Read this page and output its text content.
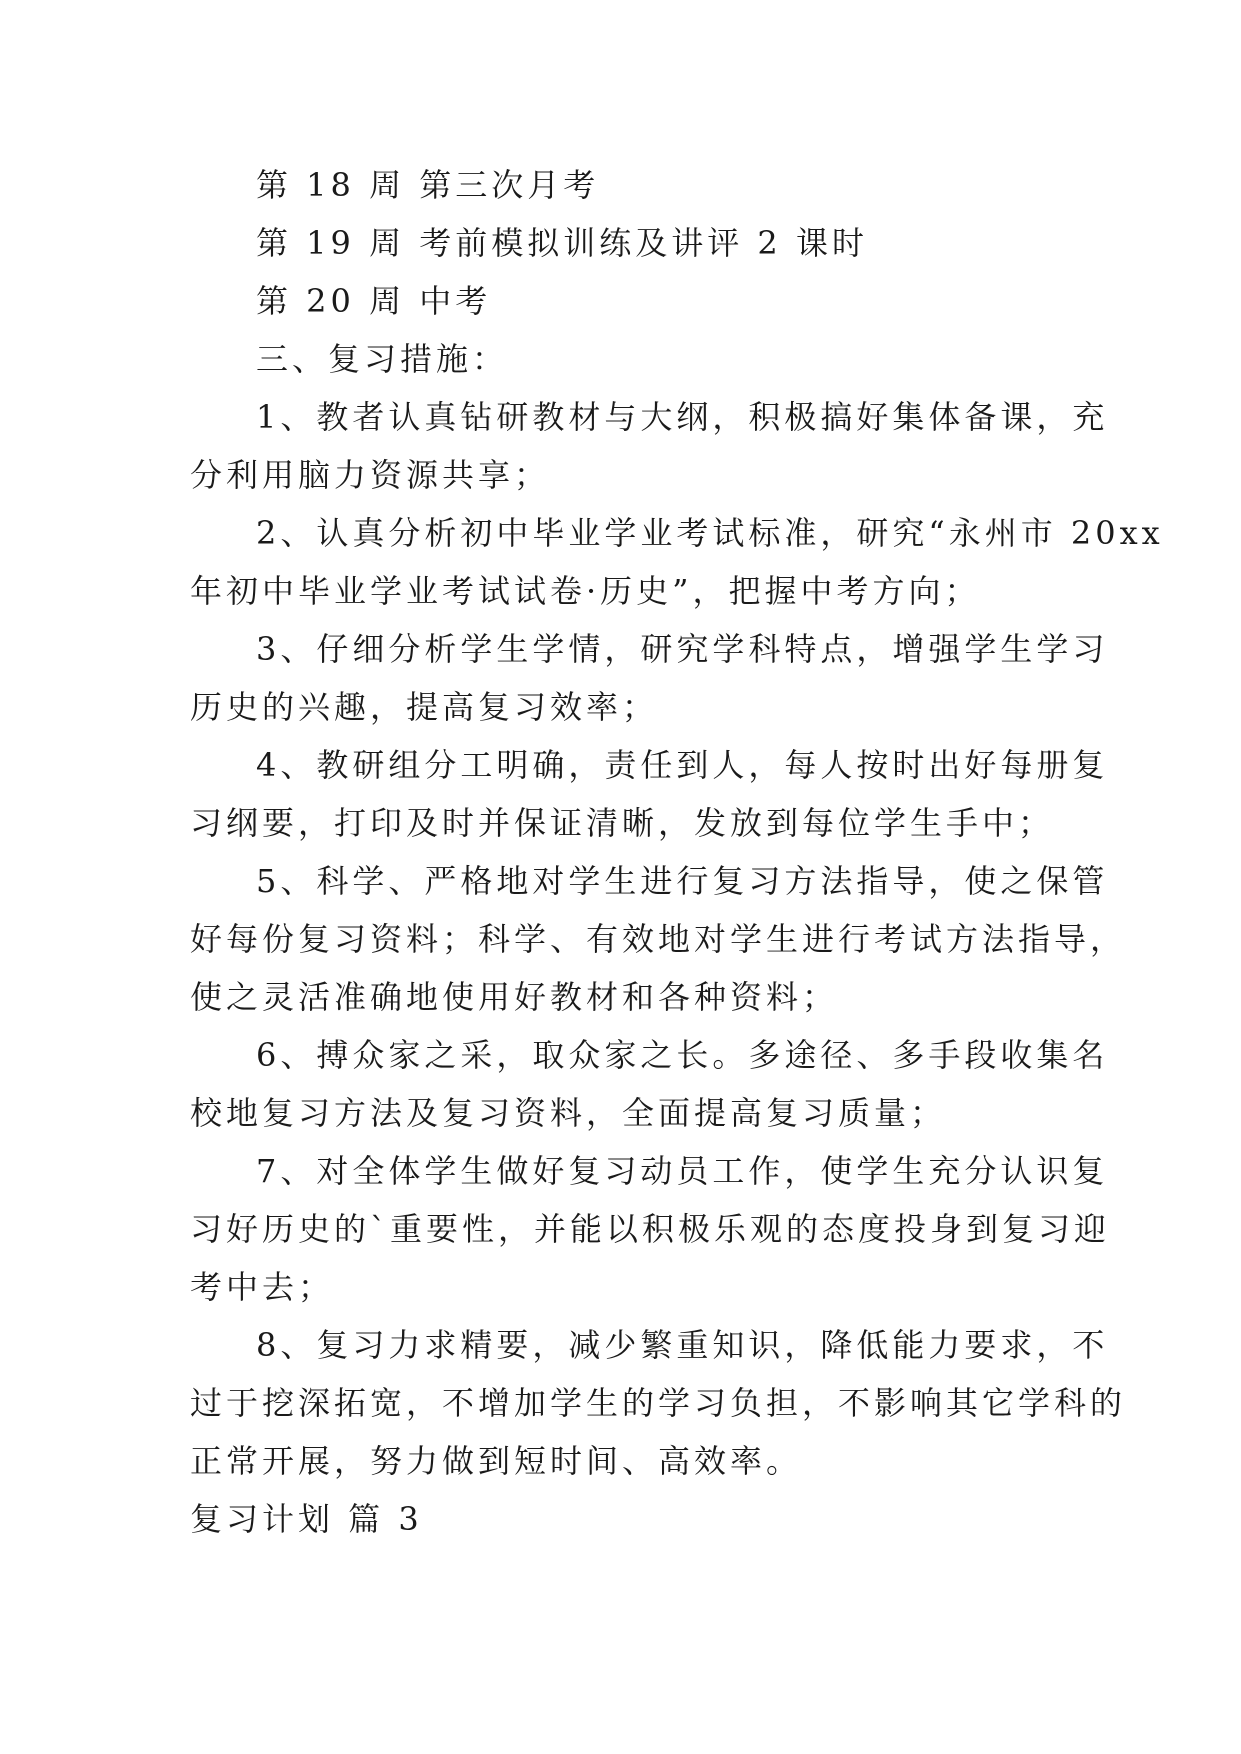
第 18 周 第三次月考

第 19 周 考前模拟训练及讲评 2 课时

第 20 周 中考

三、复习措施：

1、教者认真钻研教材与大纲，积极搞好集体备课，充

分利用脑力资源共享；

2、认真分析初中毕业学业考试标准，研究“永州市 20xx

年初中毕业学业考试试卷·历史”，把握中考方向；

3、仔细分析学生学情，研究学科特点，增强学生学习

历史的兴趣，提高复习效率；

4、教研组分工明确，责任到人，每人按时出好每册复

习纲要，打印及时并保证清晰，发放到每位学生手中；

5、科学、严格地对学生进行复习方法指导，使之保管

好每份复习资料；科学、有效地对学生进行考试方法指导，

使之灵活准确地使用好教材和各种资料；

6、搏众家之采，取众家之长。多途径、多手段收集名

校地复习方法及复习资料，全面提高复习质量；

7、对全体学生做好复习动员工作，使学生充分认识复

习好历史的`重要性，并能以积极乐观的态度投身到复习迎

考中去；

8、复习力求精要，减少繁重知识，降低能力要求，不

过于挖深拓宽，不增加学生的学习负担，不影响其它学科的

正常开展，努力做到短时间、高效率。

复习计划 篇 3
